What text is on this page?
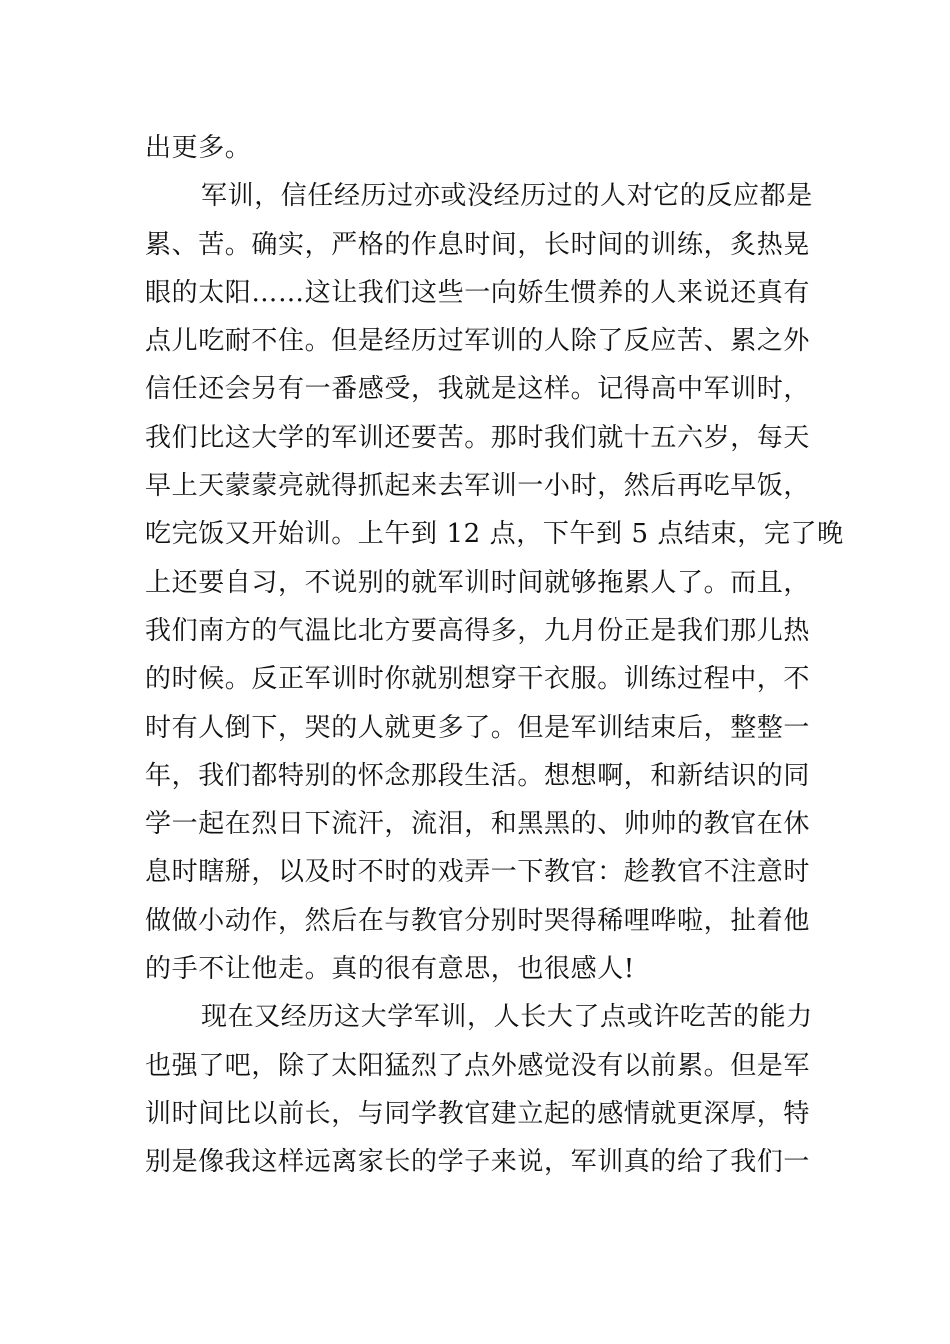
出更多。
军训，信任经历过亦或没经历过的人对它的反应都是
累、苦。确实，严格的作息时间，长时间的训练，炙热晃
眼的太阳……这让我们这些一向娇生惯养的人来说还真有
点儿吃耐不住。但是经历过军训的人除了反应苦、累之外
信任还会另有一番感受，我就是这样。记得高中军训时，
我们比这大学的军训还要苦。那时我们就十五六岁，每天
早上天蒙蒙亮就得抓起来去军训一小时，然后再吃早饭，
吃完饭又开始训。上午到 12 点，下午到 5 点结束，完了晚
上还要自习，不说别的就军训时间就够拖累人了。而且，
我们南方的气温比北方要高得多，九月份正是我们那儿热
的时候。反正军训时你就别想穿干衣服。训练过程中，不
时有人倒下，哭的人就更多了。但是军训结束后，整整一
年，我们都特别的怀念那段生活。想想啊，和新结识的同
学一起在烈日下流汗，流泪，和黑黑的、帅帅的教官在休
息时瞎掰，以及时不时的戏弄一下教官：趁教官不注意时
做做小动作，然后在与教官分别时哭得稀哩哗啦，扯着他
的手不让他走。真的很有意思，也很感人!
现在又经历这大学军训，人长大了点或许吃苦的能力
也强了吧，除了太阳猛烈了点外感觉没有以前累。但是军
训时间比以前长，与同学教官建立起的感情就更深厚，特
别是像我这样远离家长的学子来说，军训真的给了我们一
